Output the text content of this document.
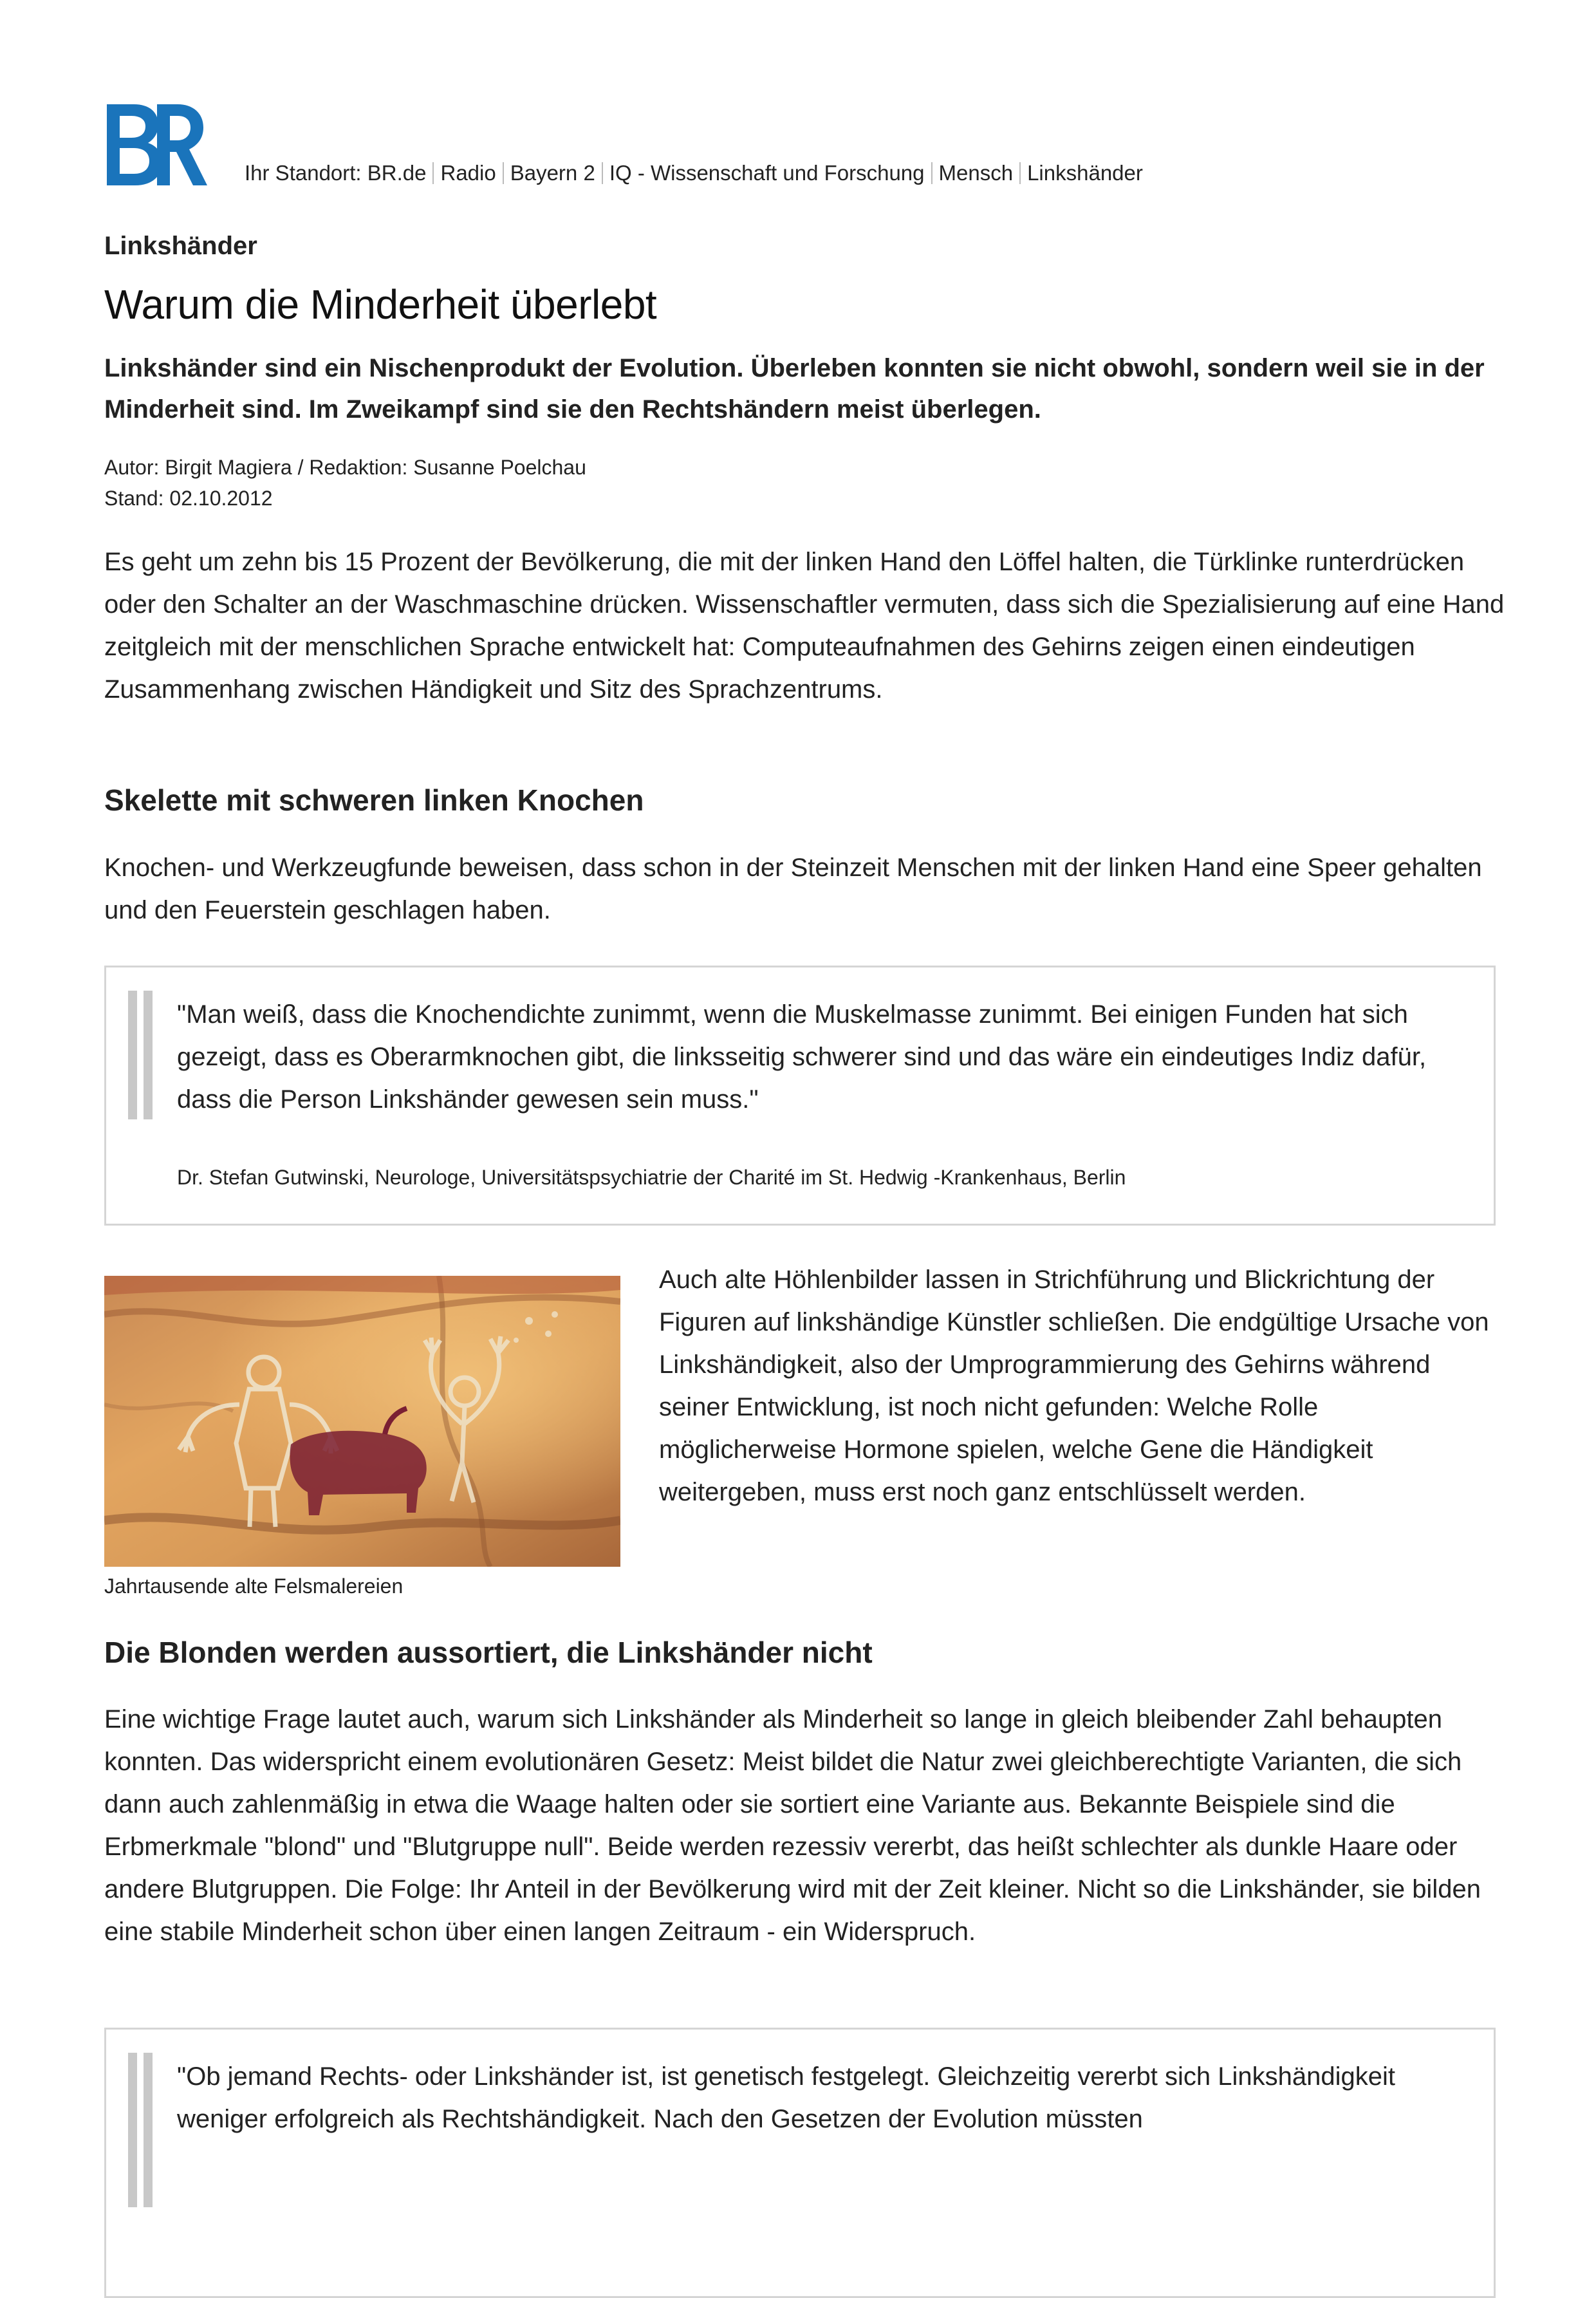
Ihr Standort: BR.de Radio Bayern 2 IQ - Wissenschaft und Forschung Mensch Linkshänder
Linkshänder
Warum die Minderheit überlebt
Linkshänder sind ein Nischenprodukt der Evolution. Überleben konnten sie nicht obwohl, sondern weil sie in der Minderheit sind. Im Zweikampf sind sie den Rechtshändern meist überlegen.
Autor: Birgit Magiera / Redaktion: Susanne Poelchau
Stand: 02.10.2012
Es geht um zehn bis 15 Prozent der Bevölkerung, die mit der linken Hand den Löffel halten, die Türklinke runterdrücken oder den Schalter an der Waschmaschine drücken. Wissenschaftler vermuten, dass sich die Spezialisierung auf eine Hand zeitgleich mit der menschlichen Sprache entwickelt hat: Computeaufnahmen des Gehirns zeigen einen eindeutigen Zusammenhang zwischen Händigkeit und Sitz des Sprachzentrums.
Skelette mit schweren linken Knochen
Knochen- und Werkzeugfunde beweisen, dass schon in der Steinzeit Menschen mit der linken Hand eine Speer gehalten und den Feuerstein geschlagen haben.
"Man weiß, dass die Knochendichte zunimmt, wenn die Muskelmasse zunimmt. Bei einigen Funden hat sich gezeigt, dass es Oberarmknochen gibt, die linksseitig schwerer sind und das wäre ein eindeutiges Indiz dafür, dass die Person Linkshänder gewesen sein muss."
Dr. Stefan Gutwinski, Neurologe, Universitätspsychiatrie der Charité im St. Hedwig -Krankenhaus, Berlin
Jahrtausende alte Felsmalereien
Auch alte Höhlenbilder lassen in Strichführung und Blickrichtung der Figuren auf linkshändige Künstler schließen. Die endgültige Ursache von Linkshändigkeit, also der Umprogrammierung des Gehirns während seiner Entwicklung, ist noch nicht gefunden: Welche Rolle möglicherweise Hormone spielen, welche Gene die Händigkeit weitergeben, muss erst noch ganz entschlüsselt werden.
Die Blonden werden aussortiert, die Linkshänder nicht
Eine wichtige Frage lautet auch, warum sich Linkshänder als Minderheit so lange in gleich bleibender Zahl behaupten konnten. Das widerspricht einem evolutionären Gesetz: Meist bildet die Natur zwei gleichberechtigte Varianten, die sich dann auch zahlenmäßig in etwa die Waage halten oder sie sortiert eine Variante aus. Bekannte Beispiele sind die Erbmerkmale "blond" und "Blutgruppe null". Beide werden rezessiv vererbt, das heißt schlechter als dunkle Haare oder andere Blutgruppen. Die Folge: Ihr Anteil in der Bevölkerung wird mit der Zeit kleiner. Nicht so die Linkshänder, sie bilden eine stabile Minderheit schon über einen langen Zeitraum - ein Widerspruch.
"Ob jemand Rechts- oder Linkshänder ist, ist genetisch festgelegt. Gleichzeitig vererbt sich Linkshändigkeit weniger erfolgreich als Rechtshändigkeit. Nach den Gesetzen der Evolution müssten
